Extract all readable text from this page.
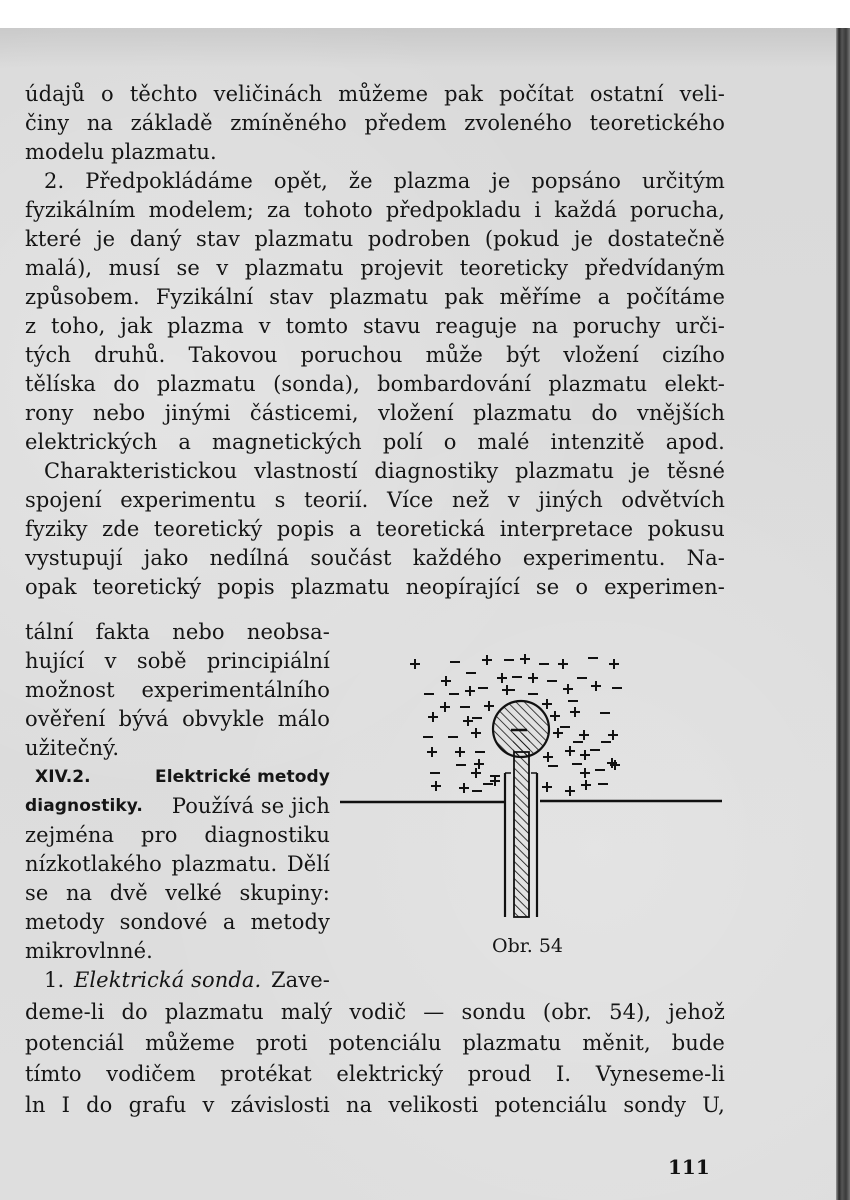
údajů o těchto veličinách můžeme pak počítat ostatní veli-
činy na základě zmíněného předem zvoleného teoretického
modelu plazmatu.
2. Předpokládáme opět, že plazma je popsáno určitým
fyzikálním modelem; za tohoto předpokladu i každá porucha,
které je daný stav plazmatu podroben (pokud je dostatečně
malá), musí se v plazmatu projevit teoreticky předvídaným
způsobem. Fyzikální stav plazmatu pak měříme a počítáme
z toho, jak plazma v tomto stavu reaguje na poruchy urči-
tých druhů. Takovou poruchou může být vložení cizího
tělíska do plazmatu (sonda), bombardování plazmatu elekt-
rony nebo jinými částicemi, vložení plazmatu do vnějších
elektrických a magnetických polí o malé intenzitě apod.
Charakteristickou vlastností diagnostiky plazmatu je těsné
spojení experimentu s teorií. Více než v jiných odvětvích
fyziky zde teoretický popis a teoretická interpretace pokusu
vystupují jako nedílná součást každého experimentu. Na-
opak teoretický popis plazmatu neopírající se o experimen-
tální fakta nebo neobsa-
hující v sobě principiální
možnost experimentálního
ověření bývá obvykle málo
užitečný.
XIV.2.	Elektrické metody
diagnostiky. Používá se jich
zejména pro diagnostiku
nízkotlakého plazmatu. Dělí
se na dvě velké skupiny:
metody sondové a metody
mikrovlnné.
1. Elektrická sonda. Zave-
deme-li do plazmatu malý vodič — sondu (obr. 54), jehož
potenciál můžeme proti potenciálu plazmatu měnit, bude
tímto vodičem protékat elektrický proud I. Vyneseme-li
ln I do grafu v závislosti na velikosti potenciálu sondy U,
Obr. 54
111
